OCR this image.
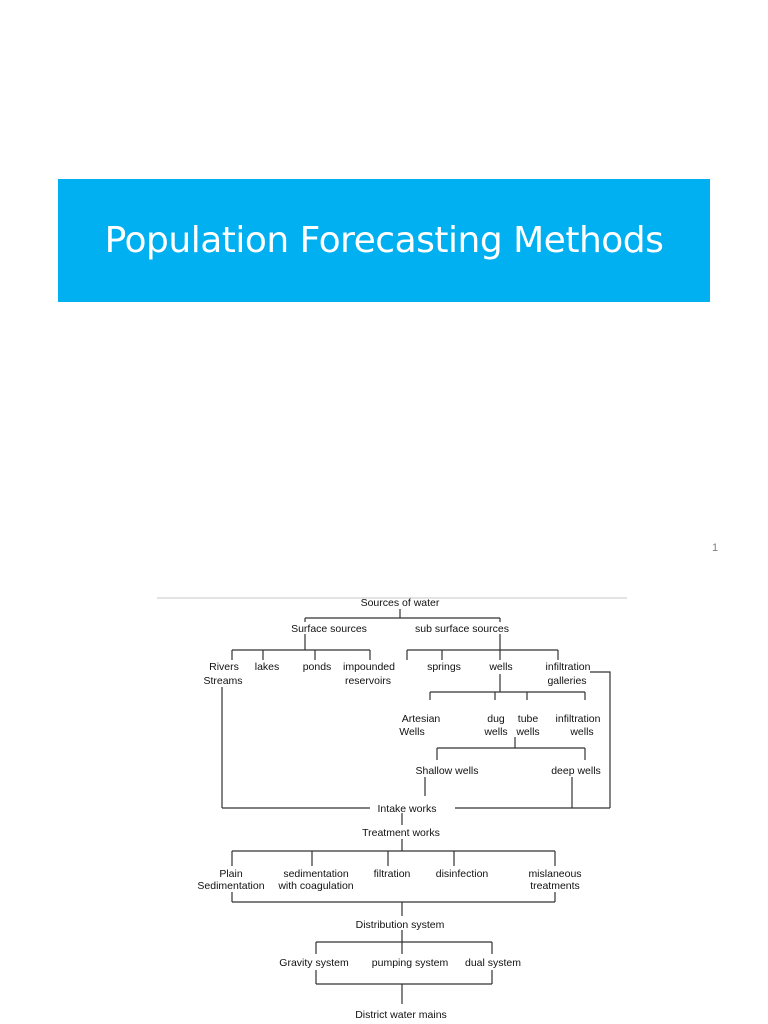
Population Forecasting Methods
1
Sources of water
Surface sources	sub surface sources
Rivers
Streams
lakes ponds impounded
reservoirs
springs	wells	infiltration
galleries
Artesian
Wells
dug
wells
tube
wells
infiltration
wells
Shallow wells	deep wells
Intake works
Treatment works
Plain
Sedimentation
sedimentation
with coagulation
filtration disinfection	mislaneous
treatments
Distribution system
Gravity system pumping system dual system
District water mains
